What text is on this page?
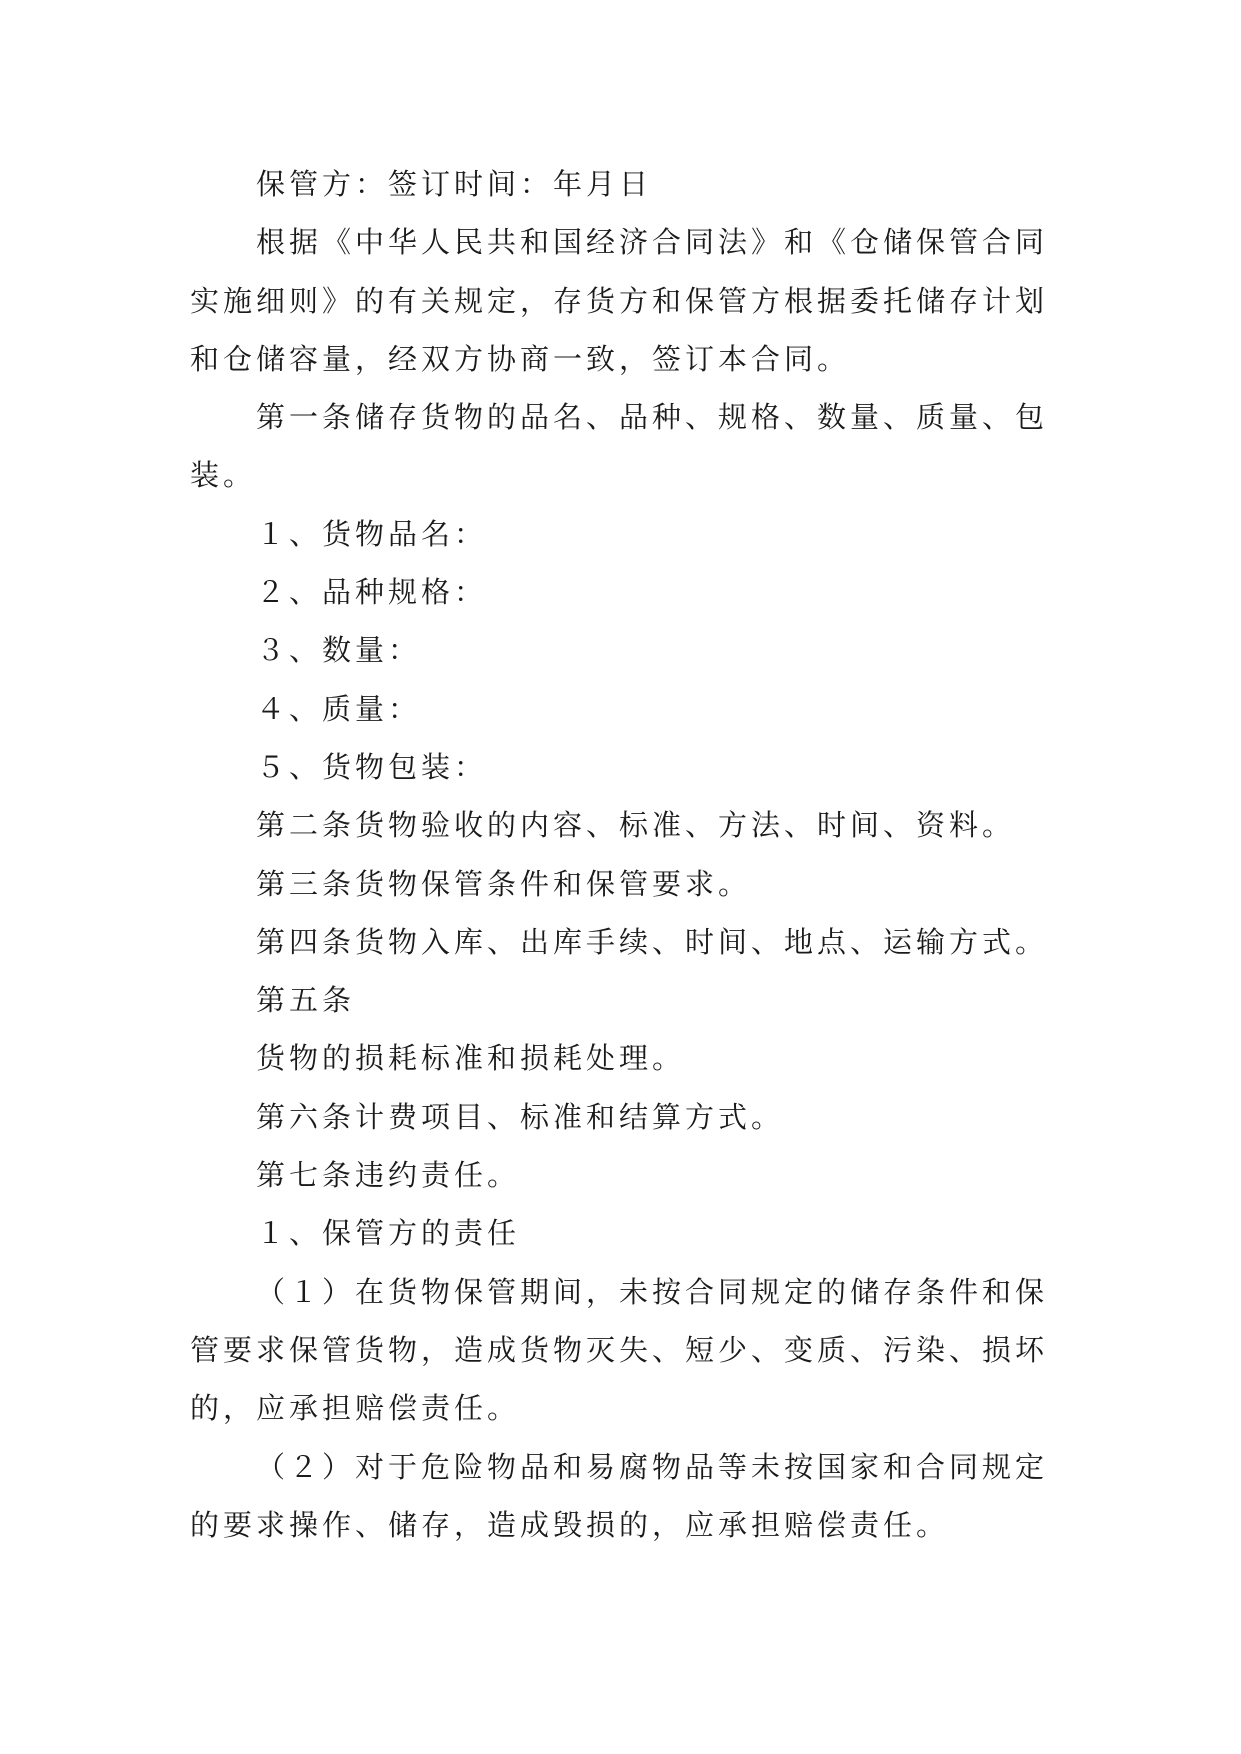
保管方：签订时间：年月日
根据《中华人民共和国经济合同法》和《仓储保管合同
实施细则》的有关规定，存货方和保管方根据委托储存计划
和仓储容量，经双方协商一致，签订本合同。
第一条储存货物的品名、品种、规格、数量、质量、包
装。
１、货物品名：
２、品种规格：
３、数量：
４、质量：
５、货物包装：
第二条货物验收的内容、标准、方法、时间、资料。
第三条货物保管条件和保管要求。
第四条货物入库、出库手续、时间、地点、运输方式。
第五条
货物的损耗标准和损耗处理。
第六条计费项目、标准和结算方式。
第七条违约责任。
１、保管方的责任
（１）在货物保管期间，未按合同规定的储存条件和保
管要求保管货物，造成货物灭失、短少、变质、污染、损坏
的，应承担赔偿责任。
（２）对于危险物品和易腐物品等未按国家和合同规定
的要求操作、储存，造成毁损的，应承担赔偿责任。
